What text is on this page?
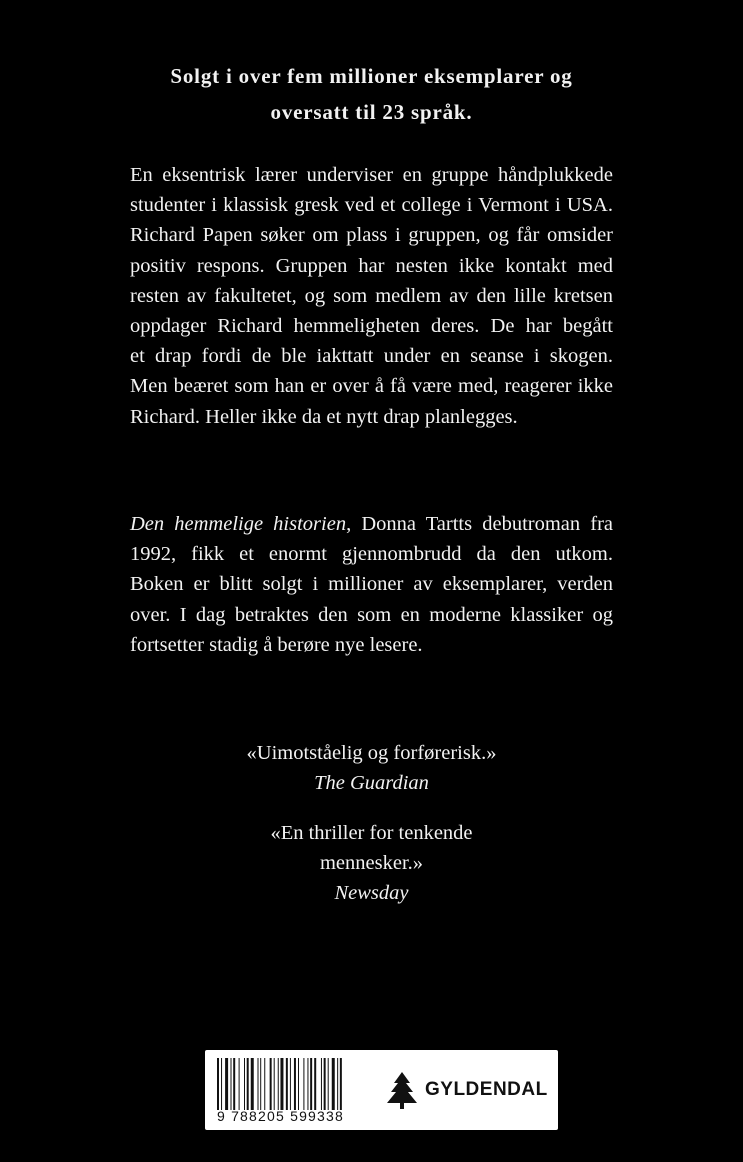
Solgt i over fem millioner eksemplarer og
oversatt til 23 språk.
En eksentrisk lærer underviser en gruppe håndplukkede
studenter i klassisk gresk ved et college i Vermont i USA.
Richard Papen søker om plass i gruppen, og får omsider
positiv respons. Gruppen har nesten ikke kontakt med
resten av fakultetet, og som medlem av den lille kretsen
oppdager Richard hemmeligheten deres. De har begått
et drap fordi de ble iakttatt under en seanse i skogen.
Men beæret som han er over å få være med, reagerer ikke
Richard. Heller ikke da et nytt drap planlegges.
Den hemmelige historien, Donna Tartts debutroman fra
1992, fikk et enormt gjennombrudd da den utkom.
Boken er blitt solgt i millioner av eksemplarer, verden
over. I dag betraktes den som en moderne klassiker og
fortsetter stadig å berøre nye lesere.
«Uimotståelig og forførerisk.»

The Guardian
«En thriller for tenkende
mennesker.»

Newsday
9 788205 599338
GYLDENDAL
